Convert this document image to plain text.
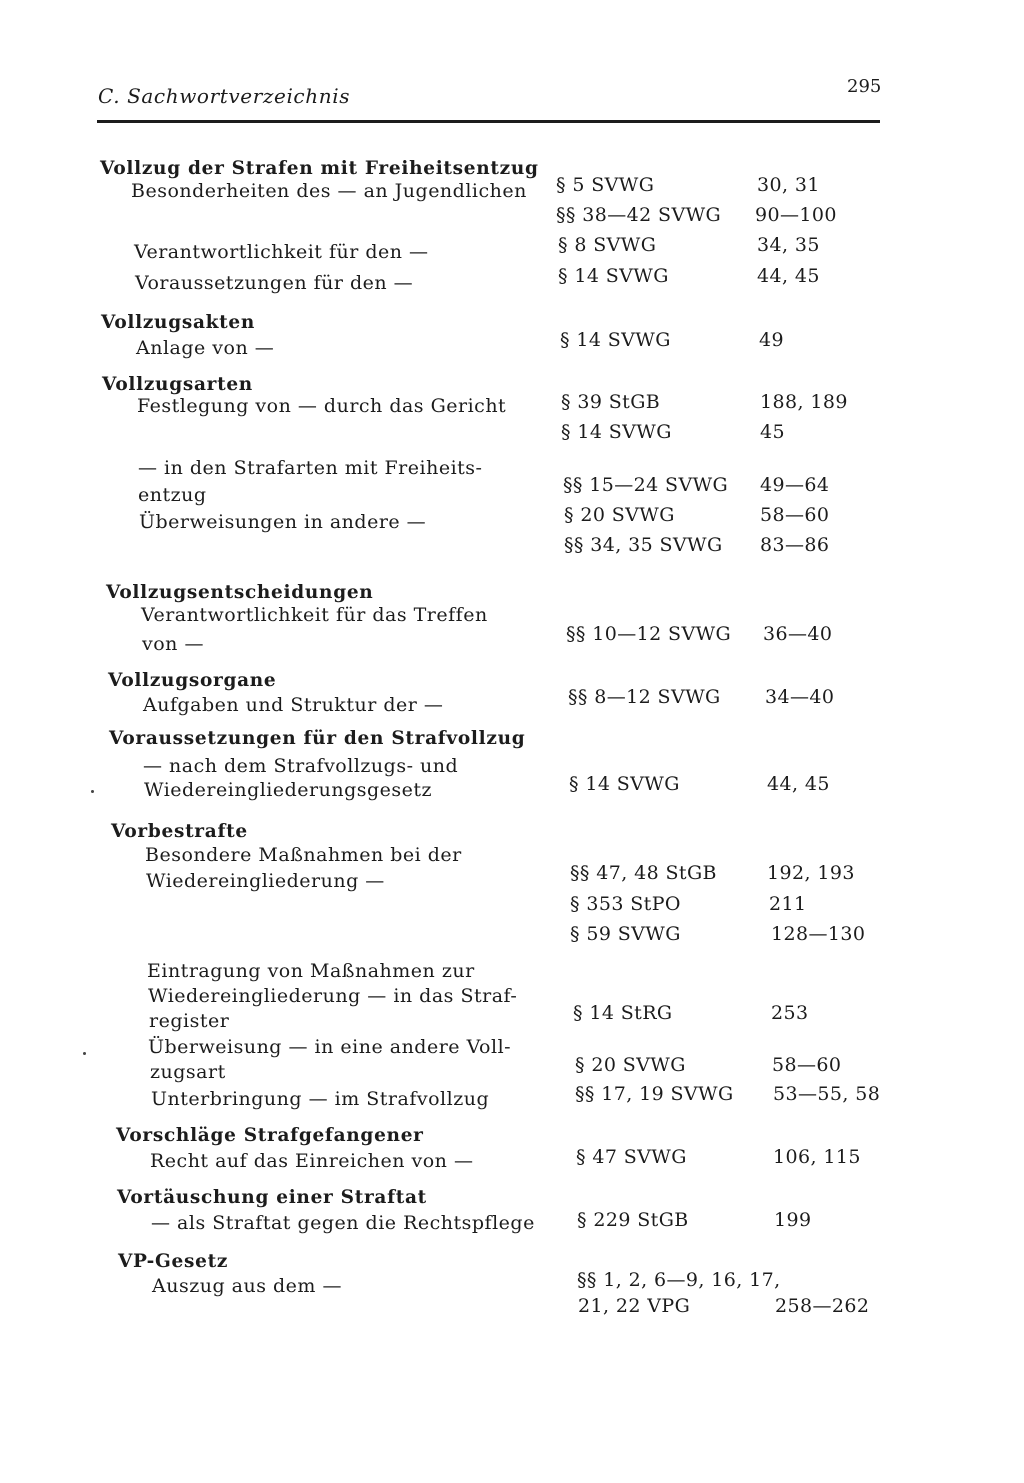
C. Sachwortverzeichnis	295
Vollzug der Strafen mit Freiheitsentzug
Besonderheiten des — an Jugendlichen § 5 SVWG	30, 31
§§ 38—42 SVWG 90—100
Verantwortlichkeit für den —	§ 8 SVWG	34, 35
Voraussetzungen für den —	§ 14 SVWG	44, 45
Vollzugsakten
Anlage von —	§ 14 SVWG	49
Vollzugsarten
Festlegung von — durch das Gericht	§ 39 StGB	188, 189
§ 14 SVWG	45
— in den Strafarten mit Freiheits-
entzug	§§ 15—24 SVWG 49—64
Überweisungen in andere —	§ 20 SVWG	58—60
§§ 34, 35 SVWG 83—86
Vollzugsentscheidungen
Verantwortlichkeit für das Treffen
von —	§§ 10—12 SVWG 36—40
Vollzugsorgane
Aufgaben und Struktur der —	§§ 8—12 SVWG 34—40
Voraussetzungen für den Strafvollzug
— nach dem Strafvollzugs- und
Wiedereingliederungsgesetz	§ 14 SVWG	44, 45
Vorbestrafte
Besondere Maßnahmen bei der
Wiedereingliederung —	§§ 47, 48 StGB	192, 193
§ 353 StPO	211
§ 59 SVWG	128—130
Eintragung von Maßnahmen zur
Wiedereingliederung — in das Straf-
register	§ 14 StRG	253
Überweisung — in eine andere Voll-
zugsart	§ 20 SVWG	58—60
Unterbringung — im Strafvollzug	§§ 17, 19 SVWG 53—55, 58
Vorschläge Strafgefangener
Recht auf das Einreichen von —	§ 47 SVWG	106, 115
Vortäuschung einer Straftat
— als Straftat gegen die Rechtspflege § 229 StGB	199
VP-Gesetz
Auszug aus dem —	§§ 1, 2, 6—9, 16, 17,
21, 22 VPG	258—262
